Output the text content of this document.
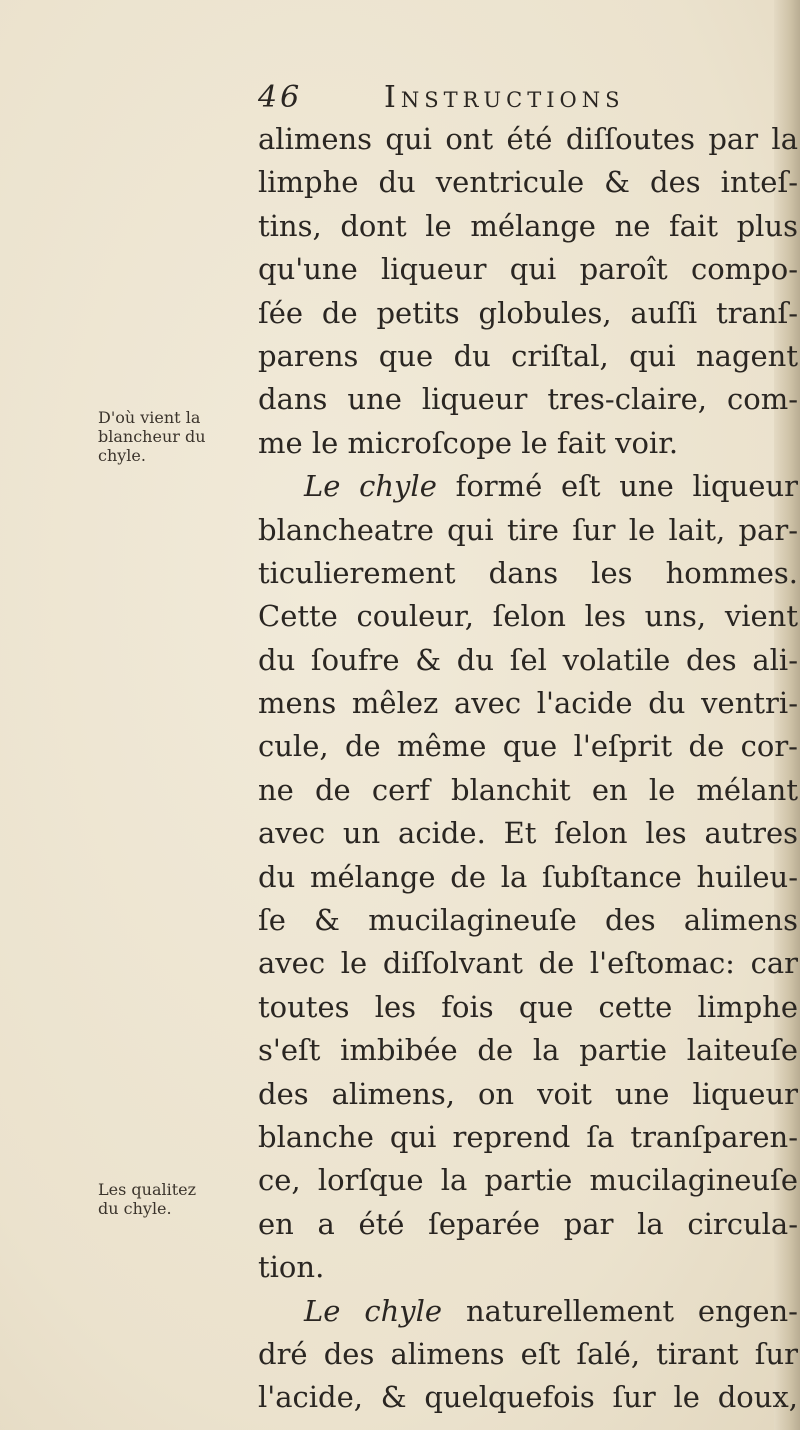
46	Instructions
D'où vient la
blancheur du
chyle.
Les qualitez
du chyle.
alimens qui ont été diſſoutes par la
limphe du ventricule & des inteſ-
tins, dont le mélange ne fait plus
qu'une liqueur qui paroît compo-
ſée de petits globules, auſſi tranſ-
parens que du criſtal, qui nagent
dans une liqueur tres-claire, com-
me le microſcope le fait voir.
Le chyle formé eſt une liqueur
blancheatre qui tire ſur le lait, par-
ticulierement dans les hommes.
Cette couleur, ſelon les uns, vient
du ſoufre & du ſel volatile des ali-
mens mêlez avec l'acide du ventri-
cule, de même que l'eſprit de cor-
ne de cerf blanchit en le mélant
avec un acide. Et ſelon les autres
du mélange de la ſubſtance huileu-
ſe & mucilagineuſe des alimens
avec le diſſolvant de l'eſtomac: car
toutes les fois que cette limphe
s'eſt imbibée de la partie laiteuſe
des alimens, on voit une liqueur
blanche qui reprend ſa tranſparen-
ce, lorſque la partie mucilagineuſe
en a été ſeparée par la circula-
tion.
Le chyle naturellement engen-
dré des alimens eſt ſalé, tirant ſur
l'acide, & quelquefois ſur le doux,
